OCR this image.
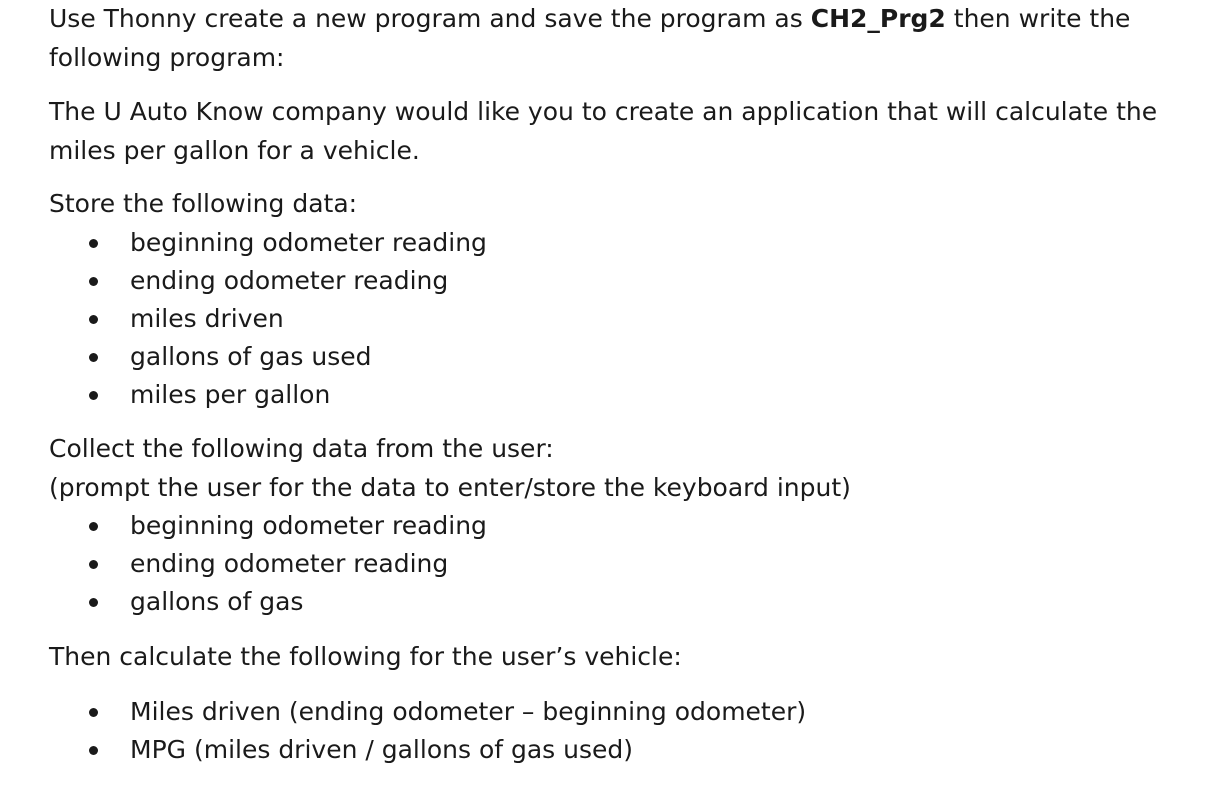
Use Thonny create a new program and save the program as CH2_Prg2 then write the
following program:
The U Auto Know company would like you to create an application that will calculate the
miles per gallon for a vehicle.
Store the following data:
beginning odometer reading
ending odometer reading
miles driven
gallons of gas used
miles per gallon
Collect the following data from the user:
(prompt the user for the data to enter/store the keyboard input)
beginning odometer reading
ending odometer reading
gallons of gas
Then calculate the following for the user’s vehicle:
Miles driven (ending odometer – beginning odometer)
MPG (miles driven / gallons of gas used)
